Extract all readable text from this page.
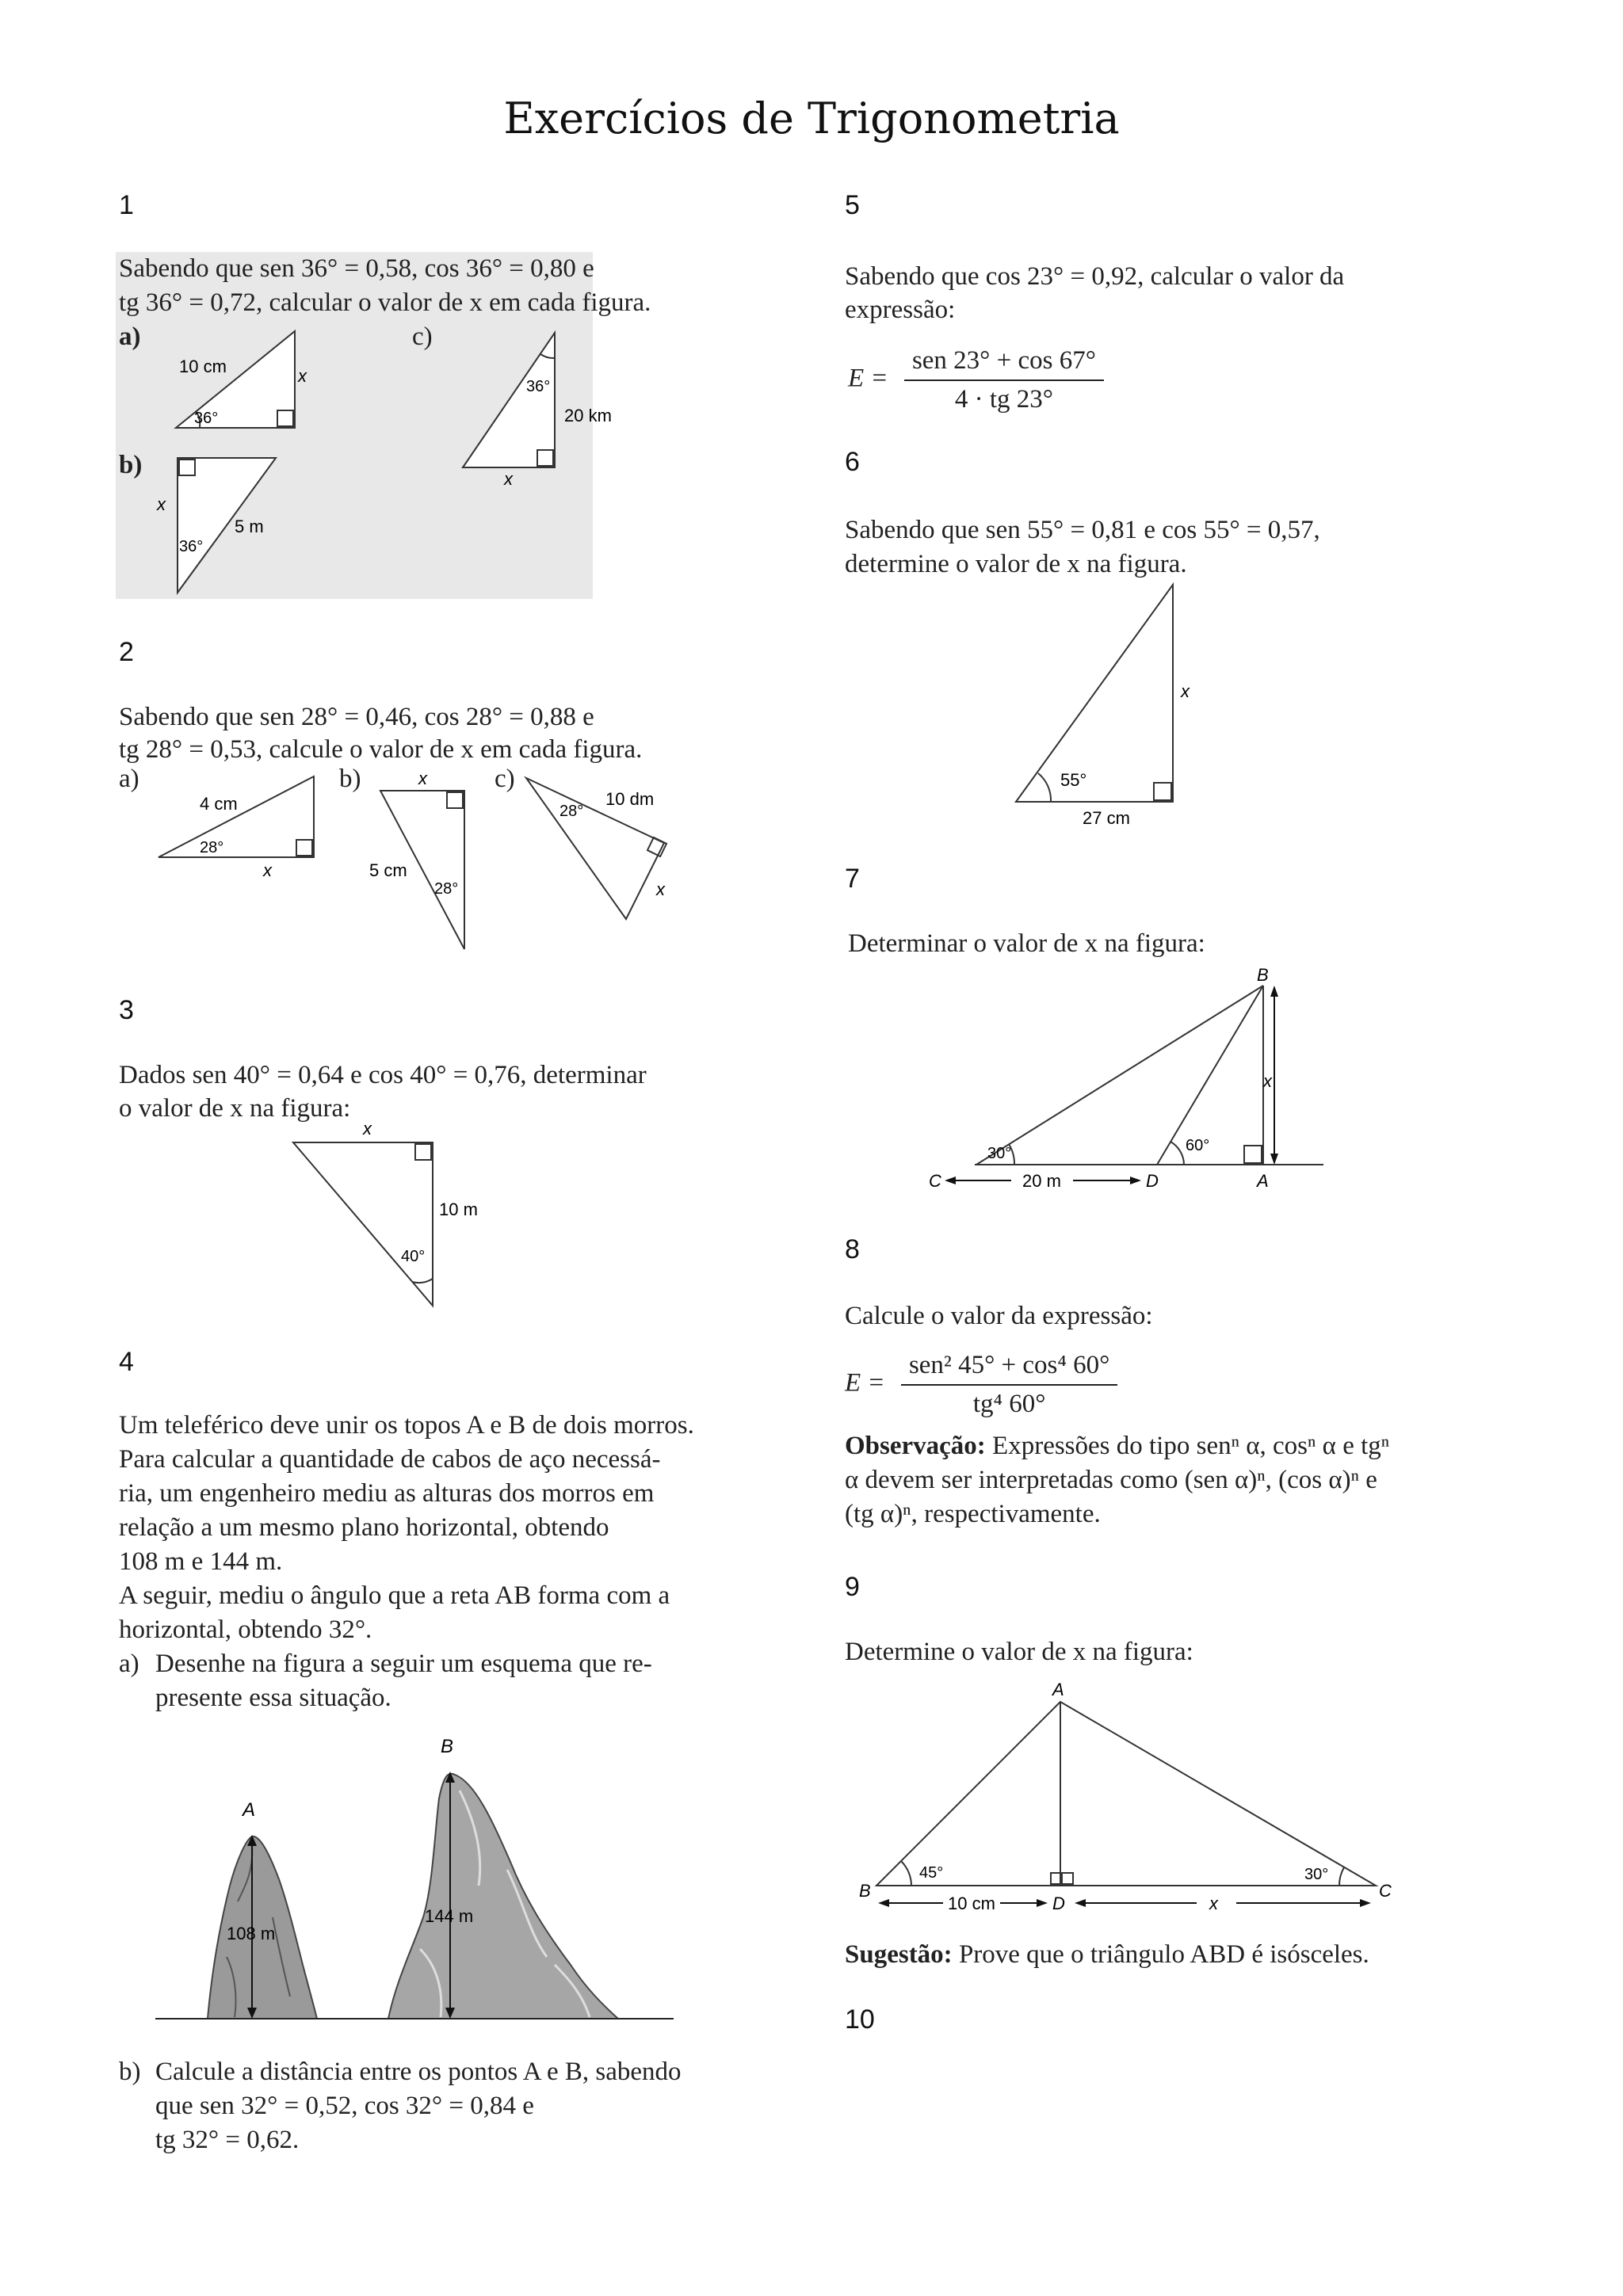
Exercícios de Trigonometria
1
Sabendo que sen 36° = 0,58, cos 36° = 0,80 e
tg 36° = 0,72, calcular o valor de x em cada figura.
a)
b)
c)
10 cm
36°
x
x
5 m
36°
36°
20 km
x
2
Sabendo que sen 28° = 0,46, cos 28° = 0,88 e
tg 28° = 0,53, calcule o valor de x em cada figura.
a)	b)	c)
4 cm
28°
x
x
5 cm
28°
28°
10 dm
x
3
Dados sen 40° = 0,64 e cos 40° = 0,76, determinar
o valor de x na figura:
x
10 m
40°
4
Um teleférico deve unir os topos A e B de dois morros.
Para calcular a quantidade de cabos de aço necessá-
ria, um engenheiro mediu as alturas dos morros em
relação a um mesmo plano horizontal, obtendo
108 m e 144 m.
A seguir, mediu o ângulo que a reta AB forma com a
horizontal, obtendo 32°.
a) Desenhe na figura a seguir um esquema que re-
presente essa situação.
A
B
108 m
144 m
b) Calcule a distância entre os pontos A e B, sabendo
que sen 32° = 0,52, cos 32° = 0,84 e
tg 32° = 0,62.
5
Sabendo que cos 23° = 0,92, calcular o valor da
expressão:
$E = \frac{\text{sen 23° + cos 67°}}{4 \cdot tg 23^\circ}$
6
Sabendo que sen 55° = 0,81 e cos 55° = 0,57,
determine o valor de x na figura.
x
55°
27 cm
7
Determinar o valor de x na figura:
B
C	D	A
30°	60°
20 m
x
8
Calcule o valor da expressão:
$E = \frac{\text{sen² 45° + cos⁴ 60°}}{\text{tg⁴ 60°}}$
Observação: Expressões do tipo senⁿ α, cosⁿ α e tgⁿ
α devem ser interpretadas como (sen α)ⁿ, (cos α)ⁿ e
(tg α)ⁿ, respectivamente.
9
Determine o valor de x na figura:
A
B	C
D
45°	30°
10 cm	x
Sugestão: Prove que o triângulo ABD é isósceles.
10
